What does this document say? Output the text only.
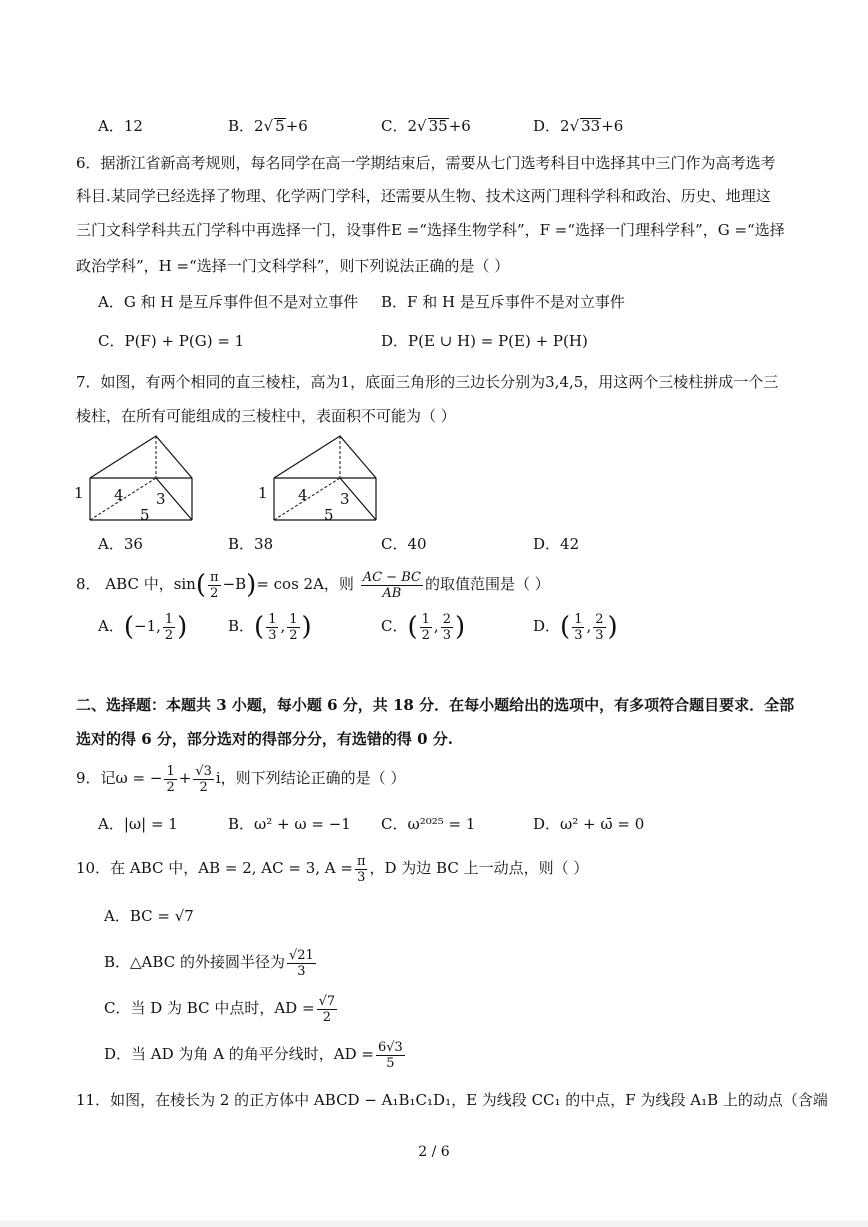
A．12	B．2√ 5+6	C．2√ 35+6	D．2√ 33+6
6．据浙江省新高考规则，每名同学在高一学期结束后，需要从七门选考科目中选择其中三门作为高考选考
科目.某同学已经选择了物理、化学两门学科，还需要从生物、技术这两门理科学科和政治、历史、地理这
三门文科学科共五门学科中再选择一门，设事件E =“选择生物学科”，F =“选择一门理科学科”，G =“选择
政治学科”，H =“选择一门文科学科”，则下列说法正确的是（ ）
A．G 和 H 是互斥事件但不是对立事件 B．F 和 H 是互斥事件不是对立事件
C．P(F) + P(G) = 1	D．P(E ∪ H) = P(E) + P(H)
7．如图，有两个相同的直三棱柱，高为1，底面三角形的三边长分别为3,4,5，用这两个三棱柱拼成一个三
棱柱，在所有可能组成的三棱柱中，表面积不可能为（ ）
1 4 3
5
1 4 3
5
A．36	B．38	C．40	D．42
8． ABC 中，$\sin( \frac{\pi}{2} -B)= \cos 2A$，则 $\frac{AC - BC}{AB}$ 的取值范围是（ ）
A．(−1, $\frac{1}{2}$ )	B．( $\frac{1}{3}$ , $\frac{1}{2}$ )	C．( $\frac{1}{2}$ , $\frac{2}{3}$ )	D．( $\frac{1}{3}$ , $\frac{2}{3}$ )
二、选择题：本题共 3 小题，每小题 6 分，共 18 分．在每小题给出的选项中，有多项符合题目要求．全部
选对的得 6 分，部分选对的得部分分，有选错的得 0 分.
9．记ω = − $\frac{1}{2} + \frac{√3}{2}$ i，则下列结论正确的是（ ）
A．|ω| = 1	B．ω² + ω = −1 C．ω²⁰²⁵ = 1	D．ω² + ω̄ = 0
10．在 ABC 中，AB = 2, AC = 3, $A = \frac{\pi}{3}$ ，D 为边 BC 上一动点，则（ ）
A．BC = √7
B．△ABC 的外接圆半径为 $\frac{√21}{3}$
C．当 D 为 BC 中点时，AD = $\frac{√7}{2}$
D．当 AD 为角 A 的角平分线时，AD = $\frac{6√3}{5}$
11．如图，在棱长为 2 的正方体中 ABCD − A₁B₁C₁D₁，E 为线段 CC₁ 的中点，F 为线段 A₁B 上的动点（含端
2 / 6
